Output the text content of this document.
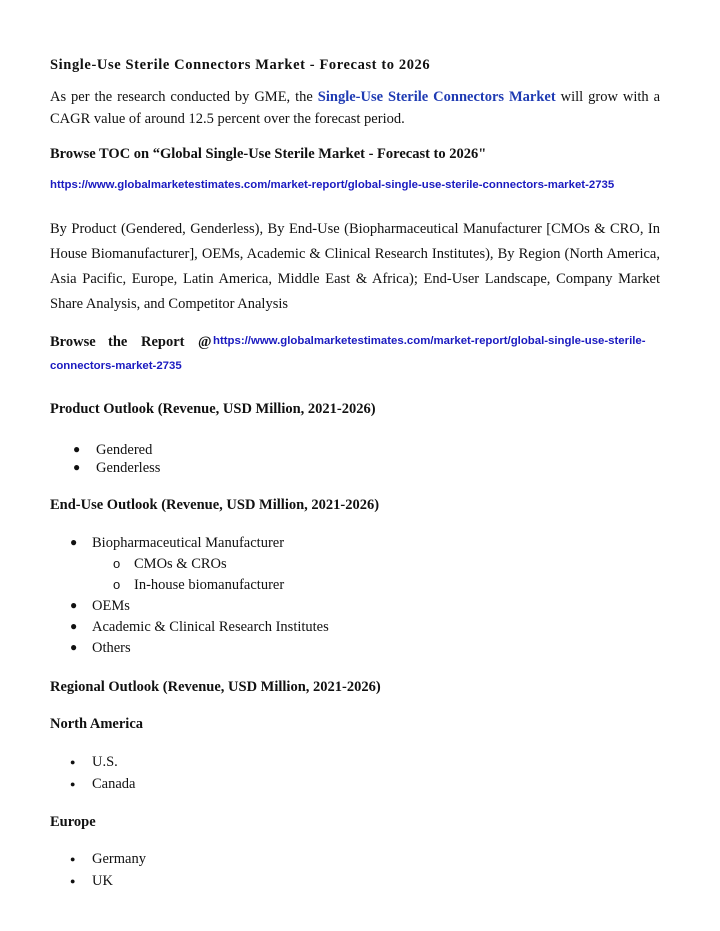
Single-Use Sterile Connectors Market - Forecast to 2026

As per the research conducted by GME, the Single-Use Sterile Connectors Market will grow with a CAGR value of around 12.5 percent over the forecast period.

Browse TOC on “Global Single-Use Sterile Market - Forecast to 2026"
https://www.globalmarketestimates.com/market-report/global-single-use-sterile-connectors-market-2735

By Product (Gendered, Genderless), By End-Use (Biopharmaceutical Manufacturer [CMOs & CRO, In House Biomanufacturer], OEMs, Academic & Clinical Research Institutes), By Region (North America, Asia Pacific, Europe, Latin America, Middle East & Africa); End-User Landscape, Company Market Share Analysis, and Competitor Analysis

Browse the Report @ https://www.globalmarketestimates.com/market-report/global-single-use-sterile-
connectors-market-2735
Product Outlook (Revenue, USD Million, 2021-2026)
● Gendered
● Genderless
End-Use Outlook (Revenue, USD Million, 2021-2026)
● Biopharmaceutical Manufacturer
o CMOs & CROs
o In-house biomanufacturer
● OEMs
● Academic & Clinical Research Institutes
● Others
Regional Outlook (Revenue, USD Million, 2021-2026)
North America
● U.S.
● Canada
Europe
● Germany
● UK
